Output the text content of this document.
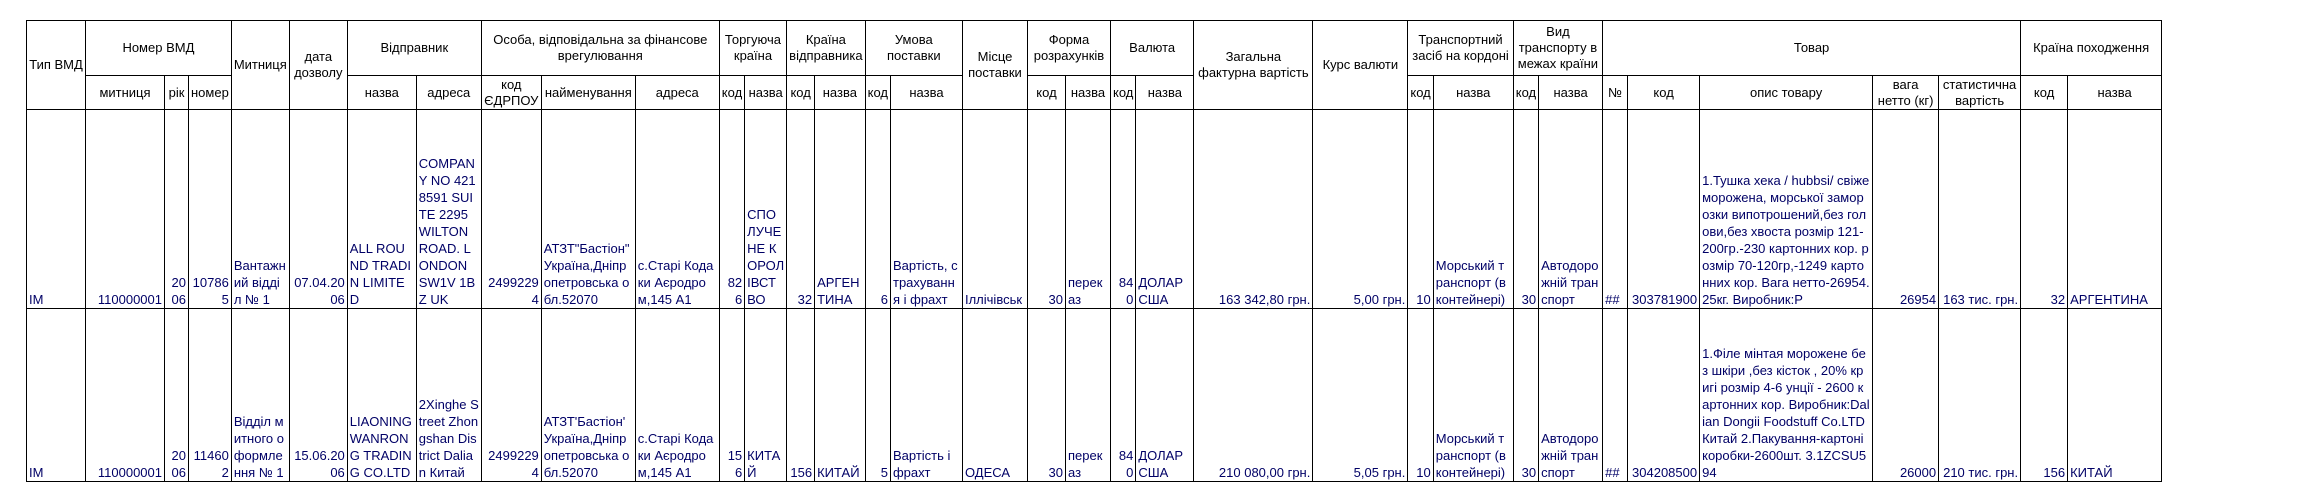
Тип ВМД	Номер ВМД			Митниця	дата дозволу	Відправник		Особа, відповідальна за фінансове врегулювання			Торгуюча країна		Країна відправника		Умова поставки		Місце поставки	Форма розрахунків		Валюта		Загальна фактурна вартість	Курс валюти	Транспортний засіб на кордоні		Вид транспорту в межах країни		Товар					Країна походження	
	митниця	рік	номер			назва	адреса	код ЄДРПОУ	найменування	адреса	код	назва	код	назва	код	назва		код	назва	код	назва			код	назва	код	назва	№	код	опис товару	вага нетто (кг)	статистична вартість	код	назва
ІМ	110000001	2006	107865	Вантажний відділ № 1	07.04.2006	ALL ROUND TRADIN LIMITED	COMPANY NO 4218591 SUITE 2295 WILTON ROAD. LONDON SW1V 1BZ UK	24992294	АТЗТ"Бастіон" Україна,Дніпропетровська обл.52070	с.Старі Кодаки Аєродром,145 А1	826	СПОЛУЧЕНЕ КОРОЛІВСТВО	32	АРГЕНТИНА	6	Вартість, страхування і фрахт	Іллічівськ	30	переказ	840	ДОЛАР США	163 342,80 грн.	5,00 грн.	10	Морський транспорт (в контейнері)	30	Автодорожній транспорт	##	303781900	1.Тушка хека / hubbsi/ свіжеморожена, морської заморозки випотрошений,без голови,без хвоста розмір 121-200гр.-230 картонних кор. розмір 70-120гр,-1249 картонних кор. Вага нетто-26954.25кг. Виробник:Р	26954	163 тис. грн.	32	АРГЕНТИНА
ІМ	110000001	2006	114602	Відділ митного оформлення № 1	15.06.2006	LIAONING WANRONG TRADING CO.LTD	2Xinghe Street Zhongshan District Dalian Китай	24992294	АТЗТ'Бастіон' Україна,Дніпропетровська обл.52070	с.Старі Кодаки Аєродром,145 А1	156	КИТАЙ	156	КИТАЙ	5	Вартість і фрахт	ОДЕСА	30	переказ	840	ДОЛАР США	210 080,00 грн.	5,05 грн.	10	Морський транспорт (в контейнері)	30	Автодорожній транспорт	##	304208500	1.Філе мінтая морожене без шкіри ,без кісток , 20% кригі розмір 4-6 унції - 2600 картонних кор. Виробник:Dalian Dongii Foodstuff Co.LTD Китай 2.Пакування-картоні коробки-2600шт. 3.1ZCSU594	26000	210 тис. грн.	156	КИТАЙ
